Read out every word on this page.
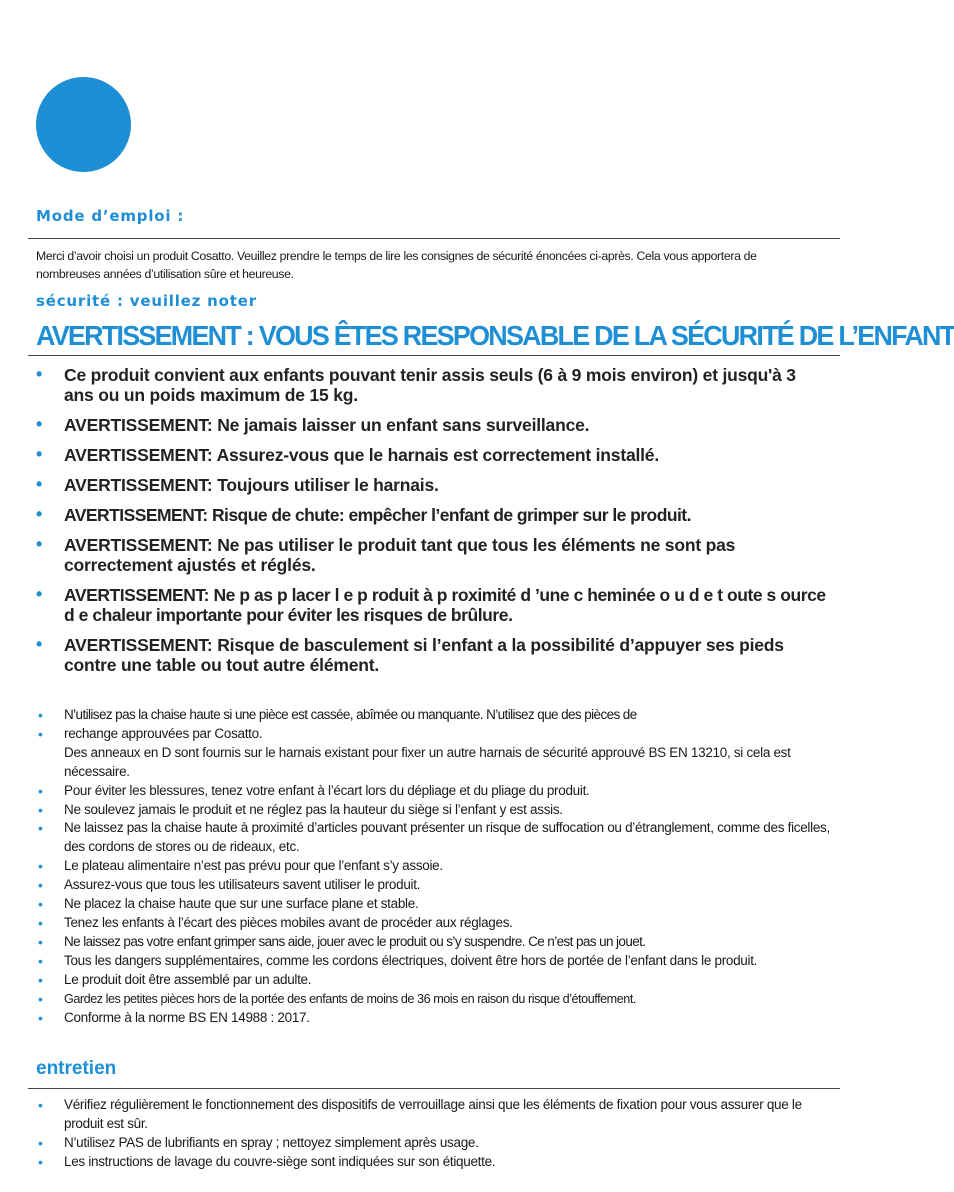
Mode d’emploi :

Merci d’avoir choisi un produit Cosatto. Veuillez prendre le temps de lire les consignes de sécurité énoncées ci-après. Cela vous apportera de nombreuses années d’utilisation sûre et heureuse.

sécurité : veuillez noter
AVERTISSEMENT : VOUS ÊTES RESPONSABLE DE LA SÉCURITÉ DE L’ENFANT
• Ce produit convient aux enfants pouvant tenir assis seuls (6 à 9 mois environ) et jusqu'à 3 ans ou un poids maximum de 15 kg.
• AVERTISSEMENT: Ne jamais laisser un enfant sans surveillance.
• AVERTISSEMENT: Assurez-vous que le harnais est correctement installé.
• AVERTISSEMENT: Toujours utiliser le harnais.
• AVERTISSEMENT: Risque de chute: empêcher l’enfant de grimper sur le produit.
• AVERTISSEMENT: Ne pas utiliser le produit tant que tous les éléments ne sont pas correctement ajustés et réglés.
• AVERTISSEMENT: Ne p as p lacer l e p roduit à p roximité d ’une c heminée o u d e t oute s ource d e chaleur importante pour éviter les risques de brûlure.
• AVERTISSEMENT: Risque de basculement si l’enfant a la possibilité d’appuyer ses pieds contre une table ou tout autre élément.
• N’utilisez pas la chaise haute si une pièce est cassée, abîmée ou manquante. N’utilisez que des pièces de
• rechange approuvées par Cosatto.
Des anneaux en D sont fournis sur le harnais existant pour fixer un autre harnais de sécurité approuvé BS EN 13210, si cela est nécessaire.
• Pour éviter les blessures, tenez votre enfant à l’écart lors du dépliage et du pliage du produit.
• Ne soulevez jamais le produit et ne réglez pas la hauteur du siège si l’enfant y est assis.
• Ne laissez pas la chaise haute à proximité d’articles pouvant présenter un risque de suffocation ou d’étranglement, comme des ficelles, des cordons de stores ou de rideaux, etc.
• Le plateau alimentaire n’est pas prévu pour que l’enfant s’y assoie.
• Assurez-vous que tous les utilisateurs savent utiliser le produit.
• Ne placez la chaise haute que sur une surface plane et stable.
• Tenez les enfants à l’écart des pièces mobiles avant de procéder aux réglages.
• Ne laissez pas votre enfant grimper sans aide, jouer avec le produit ou s’y suspendre. Ce n’est pas un jouet.
• Tous les dangers supplémentaires, comme les cordons électriques, doivent être hors de portée de l’enfant dans le produit.
• Le produit doit être assemblé par un adulte.
• Gardez les petites pièces hors de la portée des enfants de moins de 36 mois en raison du risque d’étouffement.
• Conforme à la norme BS EN 14988 : 2017.
entretien
• Vérifiez régulièrement le fonctionnement des dispositifs de verrouillage ainsi que les éléments de fixation pour vous assurer que le produit est sûr.
• N’utilisez PAS de lubrifiants en spray ; nettoyez simplement après usage.
• Les instructions de lavage du couvre-siège sont indiquées sur son étiquette.
